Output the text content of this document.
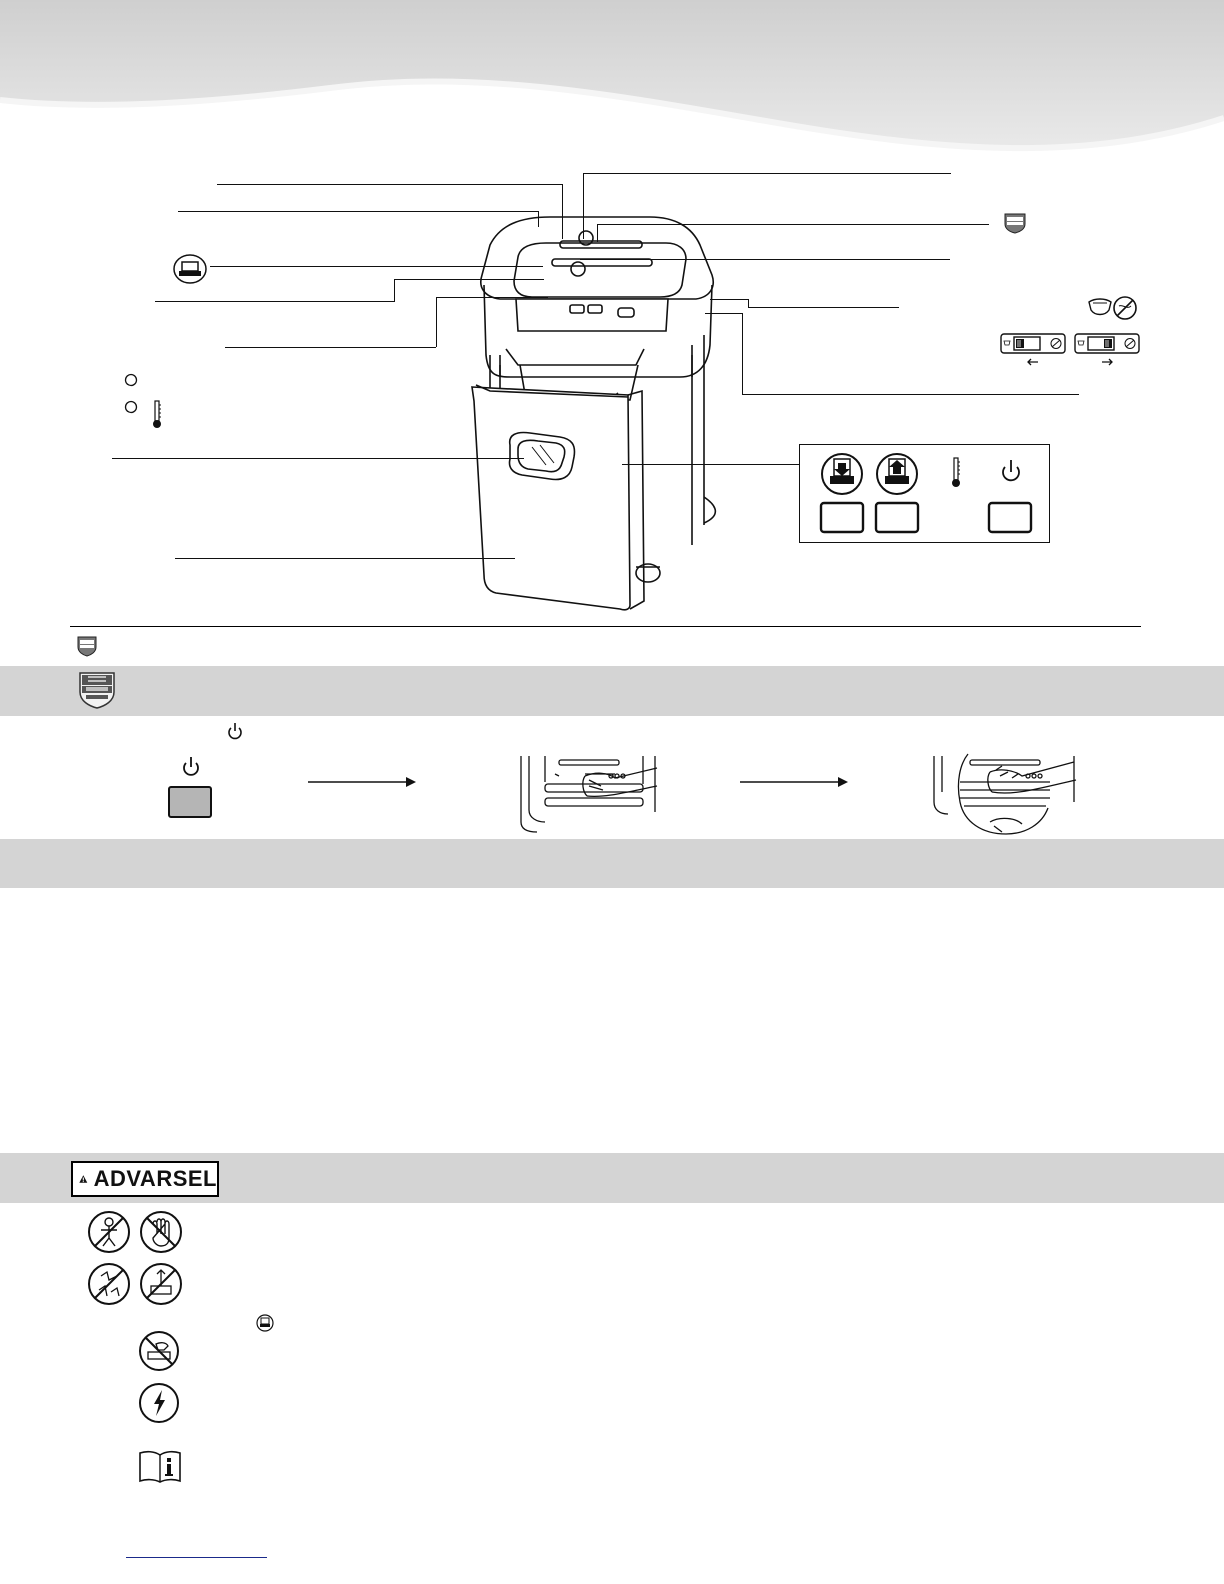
ADVARSEL
